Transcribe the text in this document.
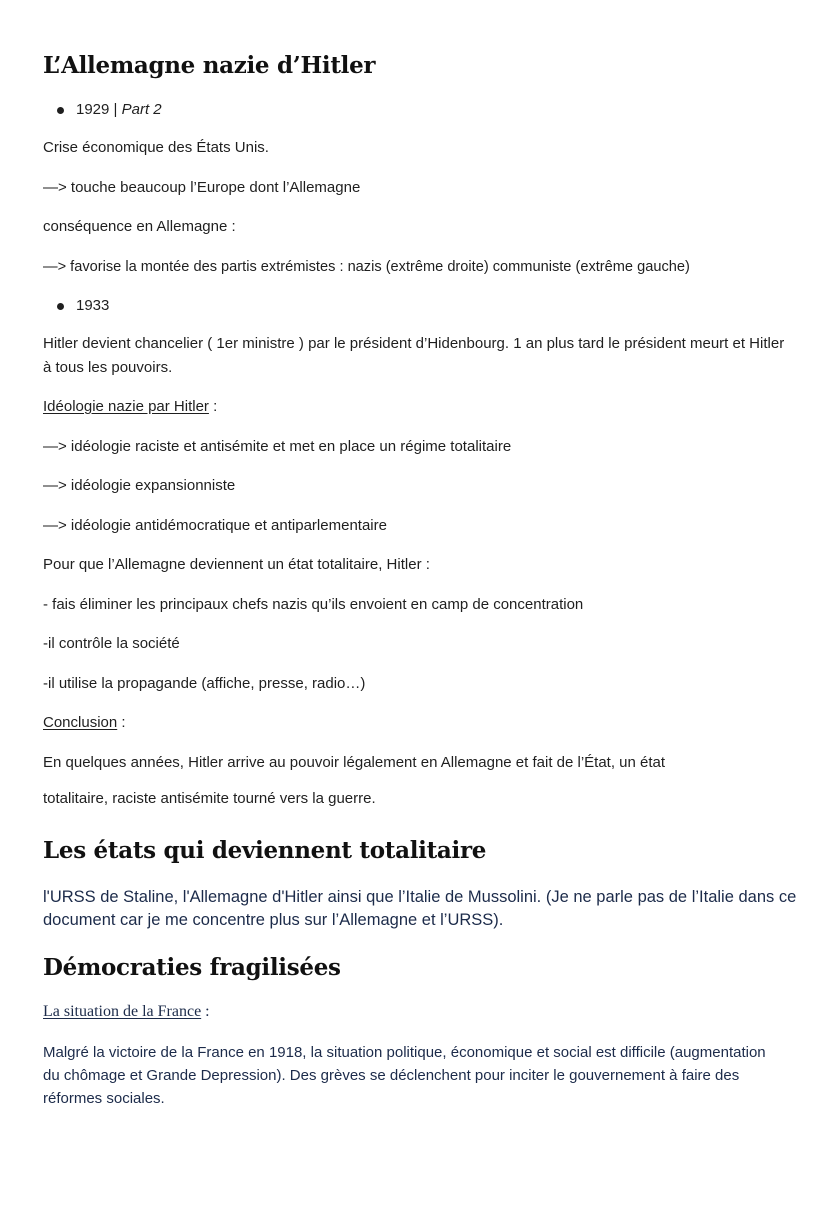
L’Allemagne nazie d’Hitler

1929 | Part 2

Crise économique des États Unis.

—> touche beaucoup l’Europe dont l’Allemagne

conséquence en Allemagne :

—> favorise la montée des partis extrémistes : nazis (extrême droite) communiste (extrême gauche)

1933

Hitler devient chancelier ( 1er ministre ) par le président d’Hidenbourg. 1 an plus tard le président meurt et Hitler à tous les pouvoirs.

Idéologie nazie par Hitler :

—> idéologie raciste et antisémite et met en place un régime totalitaire

—> idéologie expansionniste

—> idéologie antidémocratique et antiparlementaire

Pour que l’Allemagne deviennent un état totalitaire, Hitler :

- fais éliminer les principaux chefs nazis qu’ils envoient en camp de concentration

-il contrôle la société

-il utilise la propagande (affiche, presse, radio…)

Conclusion :

En quelques années, Hitler arrive au pouvoir légalement en Allemagne et fait de l’État, un état

totalitaire, raciste antisémite tourné vers la guerre.

Les états qui deviennent totalitaire

l'URSS de Staline, l'Allemagne d'Hitler ainsi que l’Italie de Mussolini. (Je ne parle pas de l’Italie dans ce document car je me concentre plus sur l’Allemagne et l’URSS).

Démocraties fragilisées

La situation de la France :

Malgré la victoire de la France en 1918, la situation politique, économique et social est difficile (augmentation du chômage et Grande Depression). Des grèves se déclenchent pour inciter le gouvernement à faire des réformes sociales.
